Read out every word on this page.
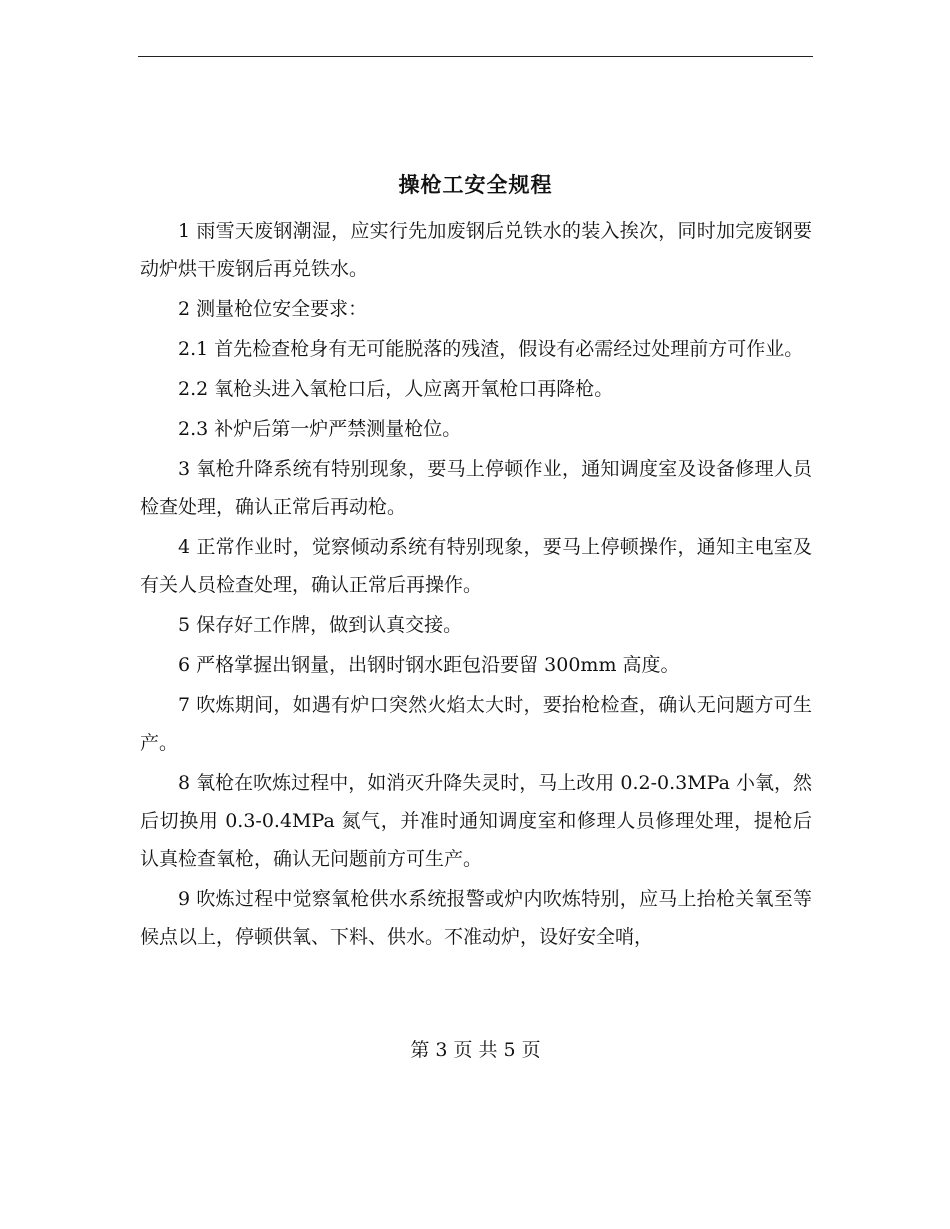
操枪工安全规程

1 雨雪天废钢潮湿，应实行先加废钢后兑铁水的装入挨次，同时加完废钢要动炉烘干废钢后再兑铁水。

2 测量枪位安全要求：

2.1 首先检查枪身有无可能脱落的残渣，假设有必需经过处理前方可作业。

2.2 氧枪头进入氧枪口后，人应离开氧枪口再降枪。

2.3 补炉后第一炉严禁测量枪位。

3 氧枪升降系统有特别现象，要马上停顿作业，通知调度室及设备修理人员检查处理，确认正常后再动枪。

4 正常作业时，觉察倾动系统有特别现象，要马上停顿操作，通知主电室及有关人员检查处理，确认正常后再操作。

5 保存好工作牌，做到认真交接。

6 严格掌握出钢量，出钢时钢水距包沿要留 300mm 高度。

7 吹炼期间，如遇有炉口突然火焰太大时，要抬枪检查，确认无问题方可生产。

8 氧枪在吹炼过程中，如消灭升降失灵时，马上改用 0.2-0.3MPa 小氧，然后切换用 0.3-0.4MPa 氮气，并准时通知调度室和修理人员修理处理，提枪后认真检查氧枪，确认无问题前方可生产。

9 吹炼过程中觉察氧枪供水系统报警或炉内吹炼特别，应马上抬枪关氧至等候点以上，停顿供氧、下料、供水。不准动炉，设好安全哨，

第 3 页 共 5 页
